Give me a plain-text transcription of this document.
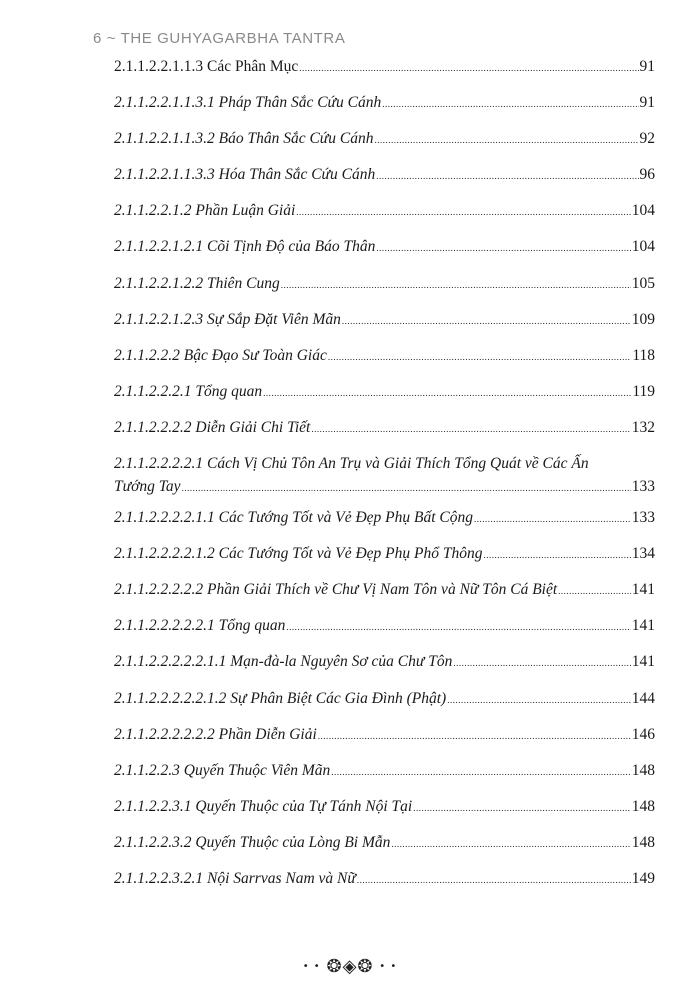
6 ~ THE GUHYAGARBHA TANTRA
2.1.1.2.2.1.1.3 Các Phân Mục .....	91
2.1.1.2.2.1.1.3.1 Pháp Thân Sắc Cứu Cánh .....	91
2.1.1.2.2.1.1.3.2 Báo Thân Sắc Cứu Cánh .....	92
2.1.1.2.2.1.1.3.3 Hóa Thân Sắc Cứu Cánh .....	96
2.1.1.2.2.1.2 Phần Luận Giải .....	104
2.1.1.2.2.1.2.1 Cõi Tịnh Độ của Báo Thân .....	104
2.1.1.2.2.1.2.2 Thiên Cung .....	105
2.1.1.2.2.1.2.3 Sự Sắp Đặt Viên Mãn .....	109
2.1.1.2.2.2 Bậc Đạo Sư Toàn Giác .....	118
2.1.1.2.2.2.1 Tổng quan .....	119
2.1.1.2.2.2.2 Diễn Giải Chi Tiết .....	132
2.1.1.2.2.2.2.1 Cách Vị Chủ Tôn An Trụ và Giải Thích Tổng Quát về Các Ấn
Tướng Tay .....	133
2.1.1.2.2.2.2.1.1 Các Tướng Tốt và Vẻ Đẹp Phụ Bất Cộng .....	133
2.1.1.2.2.2.2.1.2 Các Tướng Tốt và Vẻ Đẹp Phụ Phổ Thông .....	134
2.1.1.2.2.2.2.2 Phần Giải Thích về Chư Vị Nam Tôn và Nữ Tôn Cá Biệt .....	141
2.1.1.2.2.2.2.2.1 Tổng quan .....	141
2.1.1.2.2.2.2.2.1.1 Mạn-đà-la Nguyên Sơ của Chư Tôn .....	141
2.1.1.2.2.2.2.2.1.2 Sự Phân Biệt Các Gia Đình (Phật) .....	144
2.1.1.2.2.2.2.2.2 Phần Diễn Giải .....	146
2.1.1.2.2.3 Quyến Thuộc Viên Mãn .....	148
2.1.1.2.2.3.1 Quyến Thuộc của Tự Tánh Nội Tại .....	148
2.1.1.2.2.3.2 Quyến Thuộc của Lòng Bi Mẫn .....	148
2.1.1.2.2.3.2.1 Nội Sarrvas Nam và Nữ .....	149
• • ❂◈❂ • •
